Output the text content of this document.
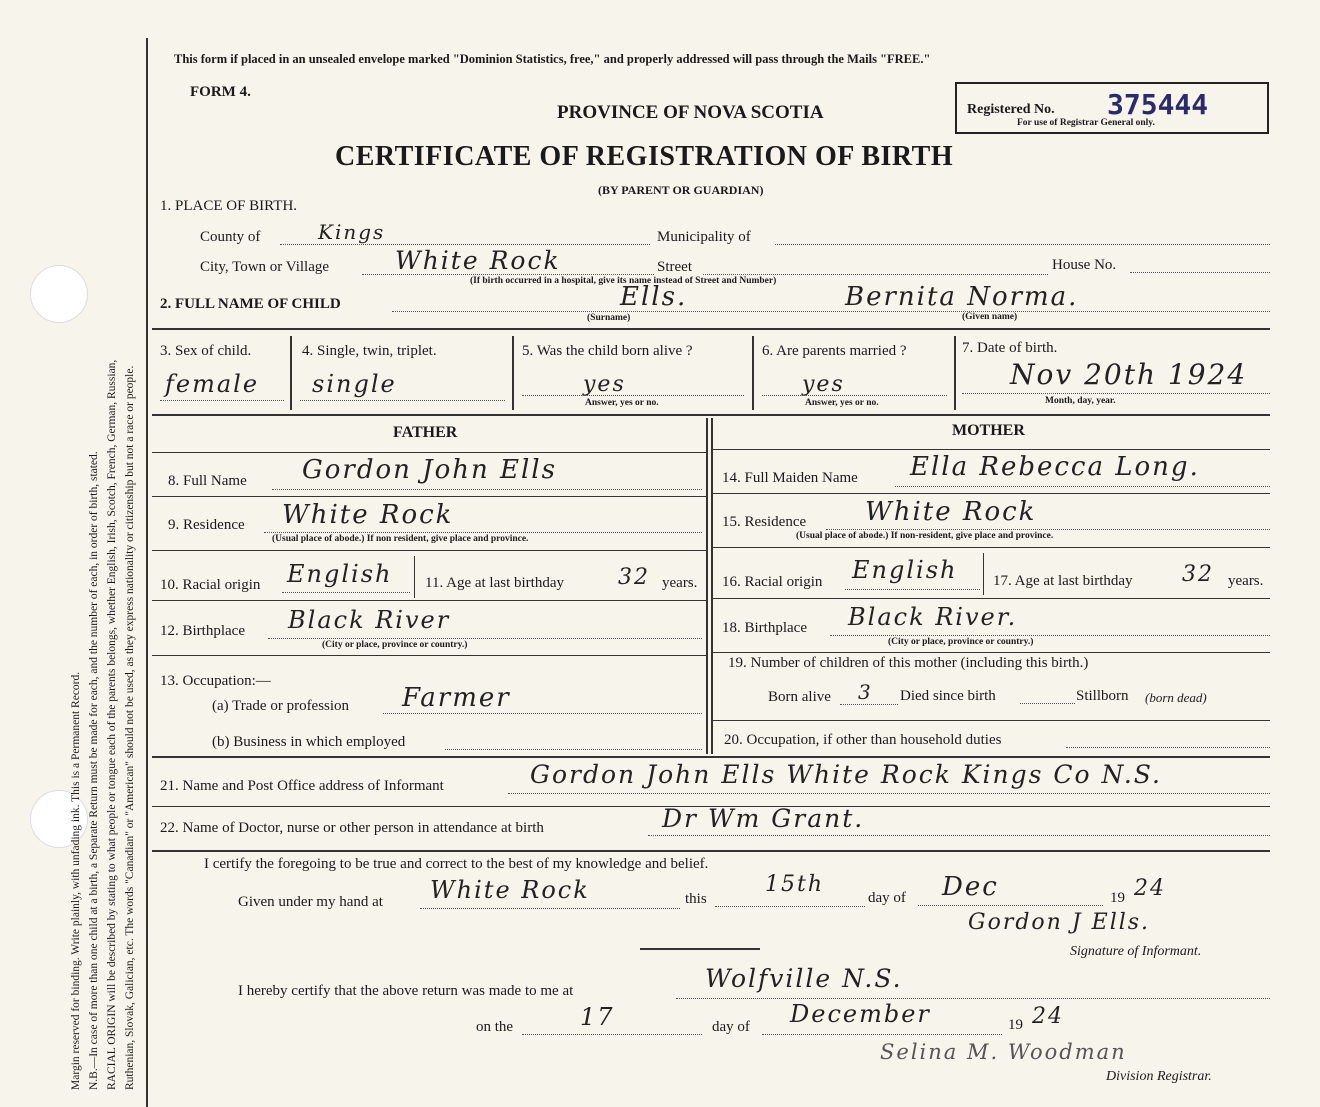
Margin reserved for binding. Write plainly, with unfading ink. This is a Permanent Record. N.B.—In case of more than one child at a birth, a Separate Return must be made for each, and the number of each, in order of birth, stated. RACIAL ORIGIN will be described by stating to what people or tongue each of the parents belongs, whether English, Irish, Scotch, French, German, Russian, Ruthenian, Slovak, Galician, etc. The words "Canadian" or "American" should not be used, as they express nationality or citizenship but not a race or people.
This form if placed in an unsealed envelope marked "Dominion Statistics, free," and properly addressed will pass through the Mails "FREE."
FORM 4.
PROVINCE OF NOVA SCOTIA
CERTIFICATE OF REGISTRATION OF BIRTH
(BY PARENT OR GUARDIAN)
Registered No. 375444
For use of Registrar General only.
1. PLACE OF BIRTH.
County of	Kings	Municipality of
City, Town or Village	White Rock	Street	House No.
(If birth occurred in a hospital, give its name instead of Street and Number)
2. FULL NAME OF CHILD	Ells.	Bernita Norma.
(Surname)	(Given name)
3. Sex of child.
female
4. Single, twin, triplet.
single
5. Was the child born alive ?
yes
Answer, yes or no.
6. Are parents married ?
yes
Answer, yes or no.
7. Date of birth.
Nov 20th 1924
Month, day, year.
FATHER	MOTHER
8. Full Name Gordon John Ells	14. Full Maiden Name Ella Rebecca Long.
9. Residence White Rock
(Usual place of abode.) If non resident, give place and province.
15. Residence White Rock
(Usual place of abode.) If non-resident, give place and province.
10. Racial origin English 11. Age at last birthday 32 years. 16. Racial origin English 17. Age at last birthday 32 years.
12. Birthplace Black River
(City or place, province or country.)
18. Birthplace Black River.
(City or place, province or country.)
13. Occupation:—
(a) Trade or profession Farmer
(b) Business in which employed
19. Number of children of this mother (including this birth.)
Born alive 3 Died since birth	Stillborn (born dead)
20. Occupation, if other than household duties
21. Name and Post Office address of Informant	Gordon John Ells White Rock Kings Co N.S.
22. Name of Doctor, nurse or other person in attendance at birth	Dr Wm Grant.
I certify the foregoing to be true and correct to the best of my knowledge and belief.
Given under my hand at White Rock	this
15th
day of Dec	19 24
Gordon J Ells.
Signature of Informant.
I hereby certify that the above return was made to me at	Wolfville N.S.
on the	17	day of December	19 24
Selina M. Woodman
Division Registrar.
